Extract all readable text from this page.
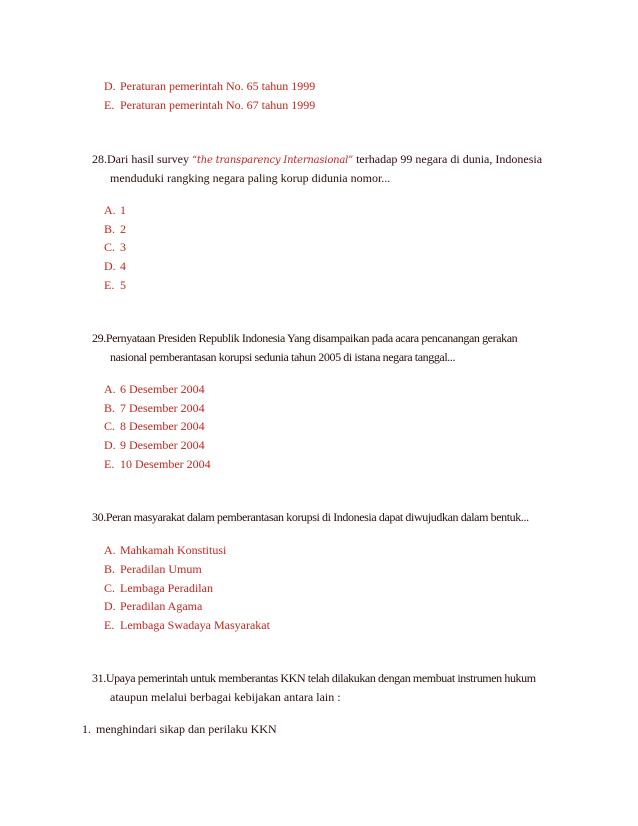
D. Peraturan pemerintah No. 65 tahun 1999
E. Peraturan pemerintah No. 67 tahun 1999
28.Dari hasil survey “the transparency Internasional” terhadap 99 negara di dunia, Indonesia
menduduki rangking negara paling korup didunia nomor...
A. 1
B. 2
C. 3
D. 4
E. 5
29.Pernyataan Presiden Republik Indonesia Yang disampaikan pada acara pencanangan gerakan
nasional pemberantasan korupsi sedunia tahun 2005 di istana negara tanggal...
A. 6 Desember 2004
B. 7 Desember 2004
C. 8 Desember 2004
D. 9 Desember 2004
E. 10 Desember 2004
30.Peran masyarakat dalam pemberantasan korupsi di Indonesia dapat diwujudkan dalam bentuk...
A. Mahkamah Konstitusi
B. Peradilan Umum
C. Lembaga Peradilan
D. Peradilan Agama
E. Lembaga Swadaya Masyarakat
31.Upaya pemerintah untuk memberantas KKN telah dilakukan dengan membuat instrumen hukum
ataupun melalui berbagai kebijakan antara lain :
1. menghindari sikap dan perilaku KKN
